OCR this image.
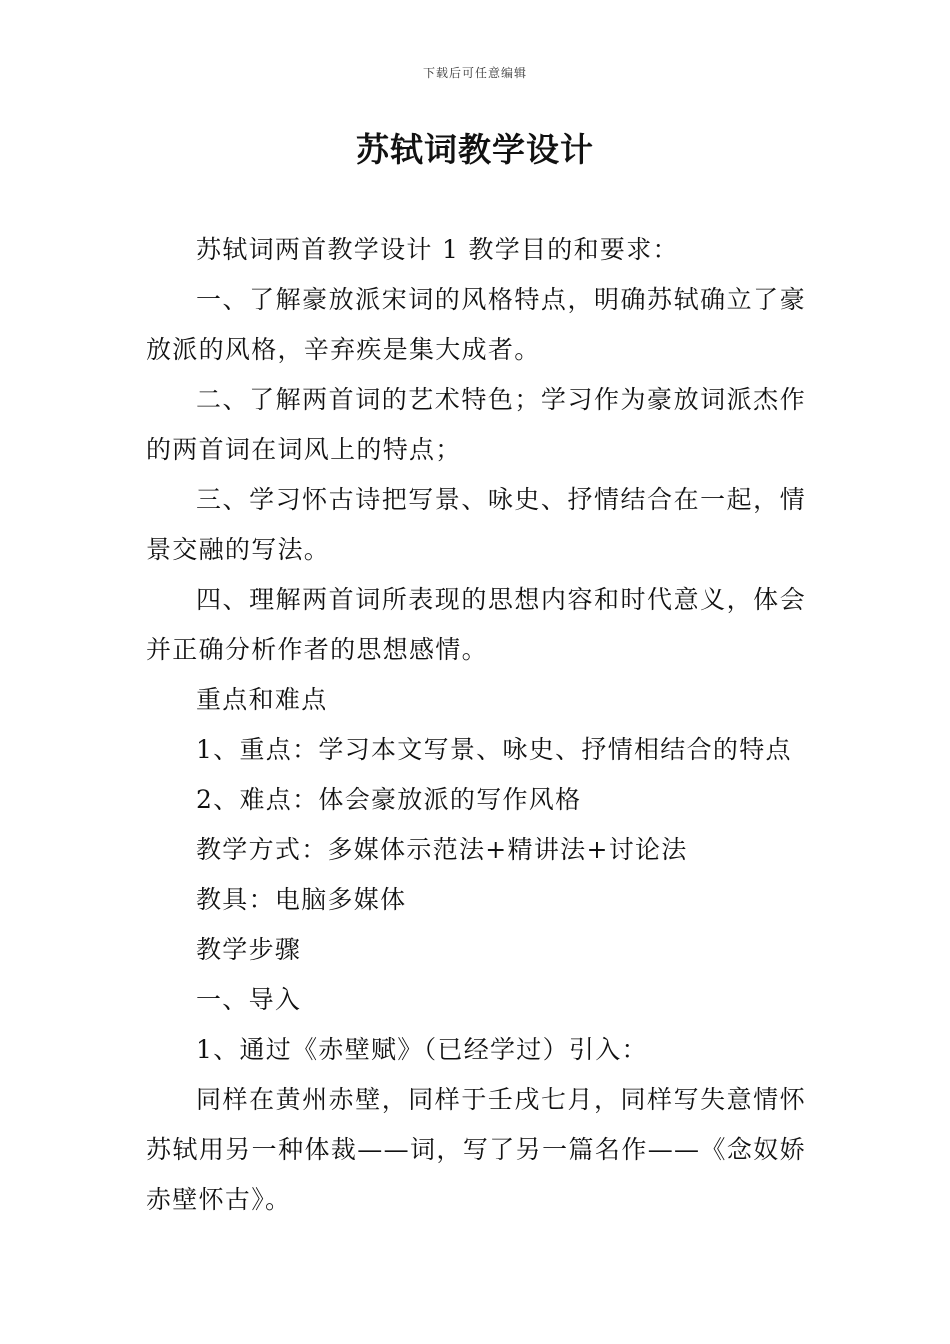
下载后可任意编辑
苏轼词教学设计

苏轼词两首教学设计 1 教学目的和要求：

一、了解豪放派宋词的风格特点，明确苏轼确立了豪放派的风格，辛弃疾是集大成者。

二、了解两首词的艺术特色；学习作为豪放词派杰作的两首词在词风上的特点；

三、学习怀古诗把写景、咏史、抒情结合在一起，情景交融的写法。

四、理解两首词所表现的思想内容和时代意义，体会并正确分析作者的思想感情。

重点和难点

1、重点：学习本文写景、咏史、抒情相结合的特点

2、难点：体会豪放派的写作风格

教学方式：多媒体示范法+精讲法+讨论法

教具：电脑多媒体

教学步骤

一、导入

1、通过《赤壁赋》（已经学过）引入：

同样在黄州赤壁，同样于壬戌七月，同样写失意情怀苏轼用另一种体裁——词，写了另一篇名作——《念奴娇赤壁怀古》。
